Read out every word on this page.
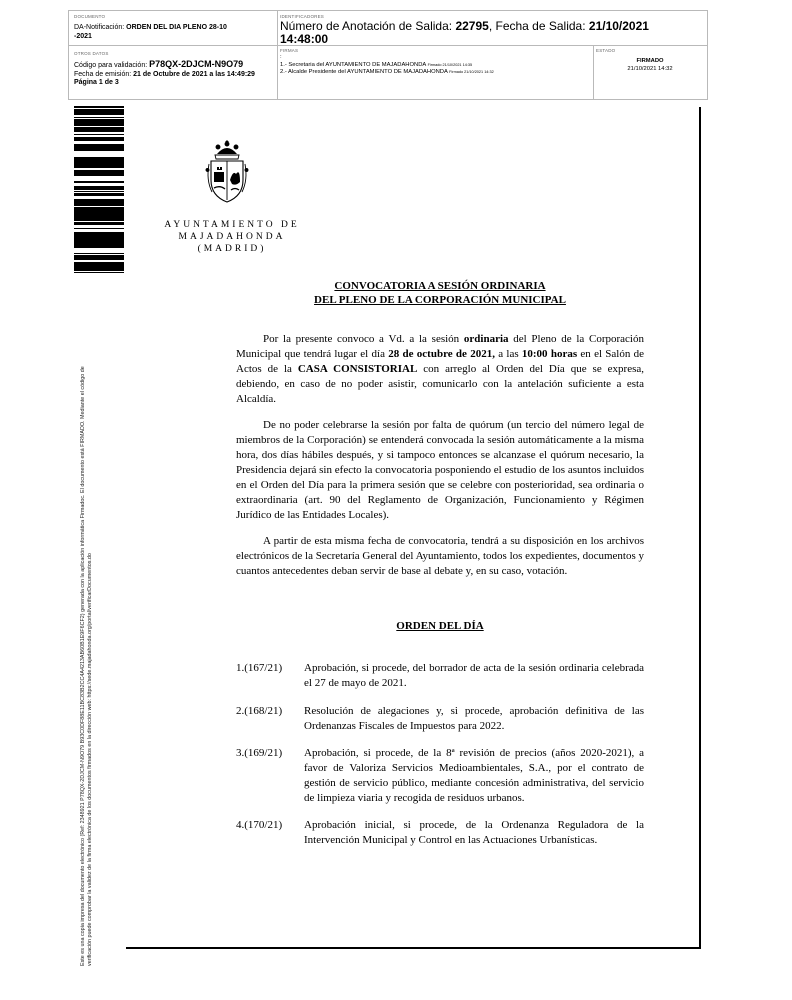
DOCUMENTO
DA-Notificación: ORDEN DEL DIA PLENO 28-10
-2021
IDENTIFICADORES
Número de Anotación de Salida: 22795, Fecha de Salida: 21/10/2021
14:48:00
OTROS DATOS
Código para validación: P78QX-2DJCM-N9O79
Fecha de emisión: 21 de Octubre de 2021 a las 14:49:29
Página 1 de 3
FIRMAS
:
1.- Secretaria del AYUNTAMIENTO DE MAJADAHONDA Firmado 21/10/2021 14:35
2.- Alcalde Presidente del AYUNTAMIENTO DE MAJADAHONDA Firmado 21/10/2021 14:32
ESTADO
FIRMADO
21/10/2021 14:32
Este es una copia impresa del documento electrónico (Ref: 2348921 P78QX-2DJCM-N9O79 B93C0DF88E11BC83B2CC4A4213AB60B1E9F6CF2) generada con la aplicación informática Firmadoc. El documento está FIRMADO. Mediante el código de verificación puede comprobar la validez de la firma electrónica de los documentos firmados en la dirección web: https://sede.majadahonda.org/portal/verificarDocumentos.do
AYUNTAMIENTO DE
MAJADAHONDA
(MADRID)
CONVOCATORIA A SESIÓN ORDINARIA
DEL PLENO DE LA CORPORACIÓN MUNICIPAL

Por la presente convoco a Vd. a la sesión ordinaria del Pleno de la Corporación Municipal que tendrá lugar el día 28 de octubre de 2021, a las 10:00 horas en el Salón de Actos de la CASA CONSISTORIAL con arreglo al Orden del Día que se expresa, debiendo, en caso de no poder asistir, comunicarlo con la antelación suficiente a esta Alcaldía.

De no poder celebrarse la sesión por falta de quórum (un tercio del número legal de miembros de la Corporación) se entenderá convocada la sesión automáticamente a la misma hora, dos días hábiles después, y si tampoco entonces se alcanzase el quórum necesario, la Presidencia dejará sin efecto la convocatoria posponiendo el estudio de los asuntos incluidos en el Orden del Día para la primera sesión que se celebre con posterioridad, sea ordinaria o extraordinaria (art. 90 del Reglamento de Organización, Funcionamiento y Régimen Jurídico de las Entidades Locales).

A partir de esta misma fecha de convocatoria, tendrá a su disposición en los archivos electrónicos de la Secretaría General del Ayuntamiento, todos los expedientes, documentos y cuantos antecedentes deban servir de base al debate y, en su caso, votación.

ORDEN DEL DÍA
1.(167/21)	Aprobación, si procede, del borrador de acta de la sesión ordinaria celebrada el 27 de mayo de 2021.
2.(168/21)	Resolución de alegaciones y, si procede, aprobación definitiva de las Ordenanzas Fiscales de Impuestos para 2022.
3.(169/21)	Aprobación, si procede, de la 8ª revisión de precios (años 2020-2021), a favor de Valoriza Servicios Medioambientales, S.A., por el contrato de gestión de servicio público, mediante concesión administrativa, del servicio de limpieza viaria y recogida de residuos urbanos.
4.(170/21)	Aprobación inicial, si procede, de la Ordenanza Reguladora de la Intervención Municipal y Control en las Actuaciones Urbanísticas.
